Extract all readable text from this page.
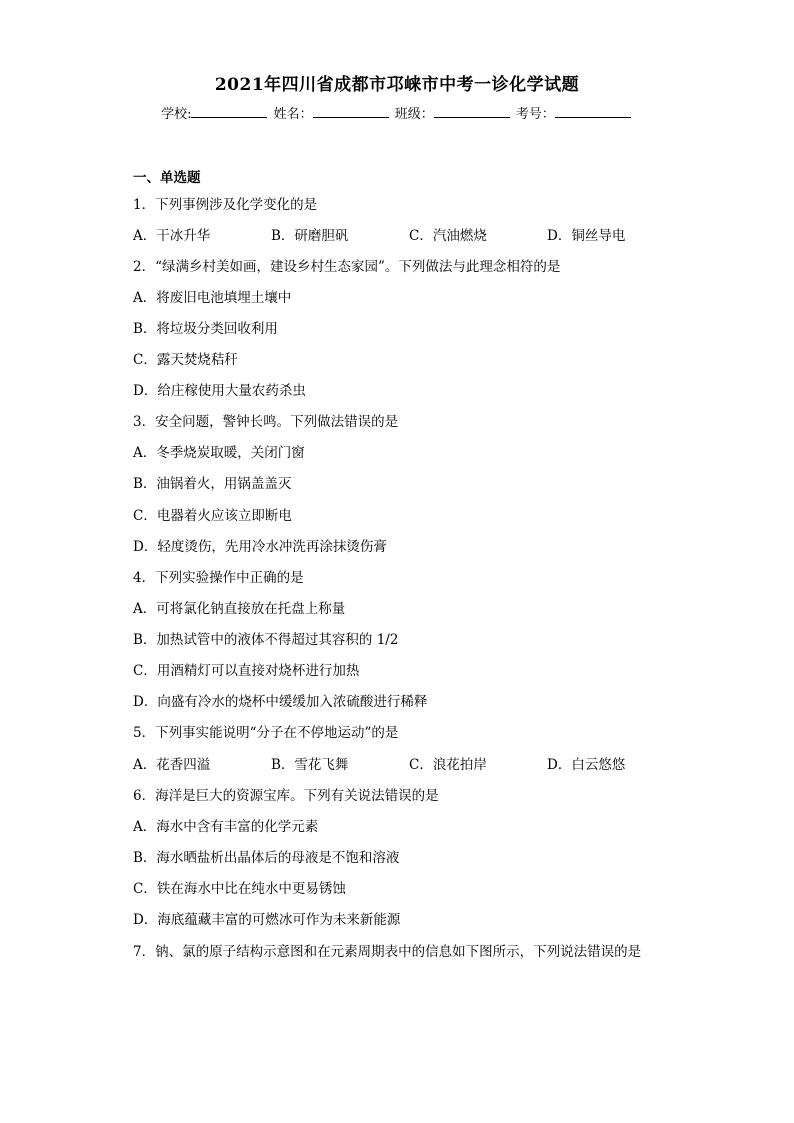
2021年四川省成都市邛崃市中考一诊化学试题
学校:	姓名：	班级：	考号：
一、单选题
1．下列事例涉及化学变化的是
A．干冰升华	B．研磨胆矾	C．汽油燃烧	D．铜丝导电
2．“绿满乡村美如画，建设乡村生态家园”。下列做法与此理念相符的是
A．将废旧电池填埋土壤中
B．将垃圾分类回收利用
C．露天焚烧秸秆
D．给庄稼使用大量农药杀虫
3．安全问题，警钟长鸣。下列做法错误的是
A．冬季烧炭取暖，关闭门窗
B．油锅着火，用锅盖盖灭
C．电器着火应该立即断电
D．轻度烫伤，先用冷水冲洗再涂抹烫伤膏
4．下列实验操作中正确的是
A．可将氯化钠直接放在托盘上称量
B．加热试管中的液体不得超过其容积的 1/2
C．用酒精灯可以直接对烧杯进行加热
D．向盛有冷水的烧杯中缓缓加入浓硫酸进行稀释
5．下列事实能说明“分子在不停地运动”的是
A．花香四溢	B．雪花飞舞	C．浪花拍岸	D．白云悠悠
6．海洋是巨大的资源宝库。下列有关说法错误的是
A．海水中含有丰富的化学元素
B．海水晒盐析出晶体后的母液是不饱和溶液
C．铁在海水中比在纯水中更易锈蚀
D．海底蕴藏丰富的可燃冰可作为未来新能源
7．钠、氯的原子结构示意图和在元素周期表中的信息如下图所示，下列说法错误的是
